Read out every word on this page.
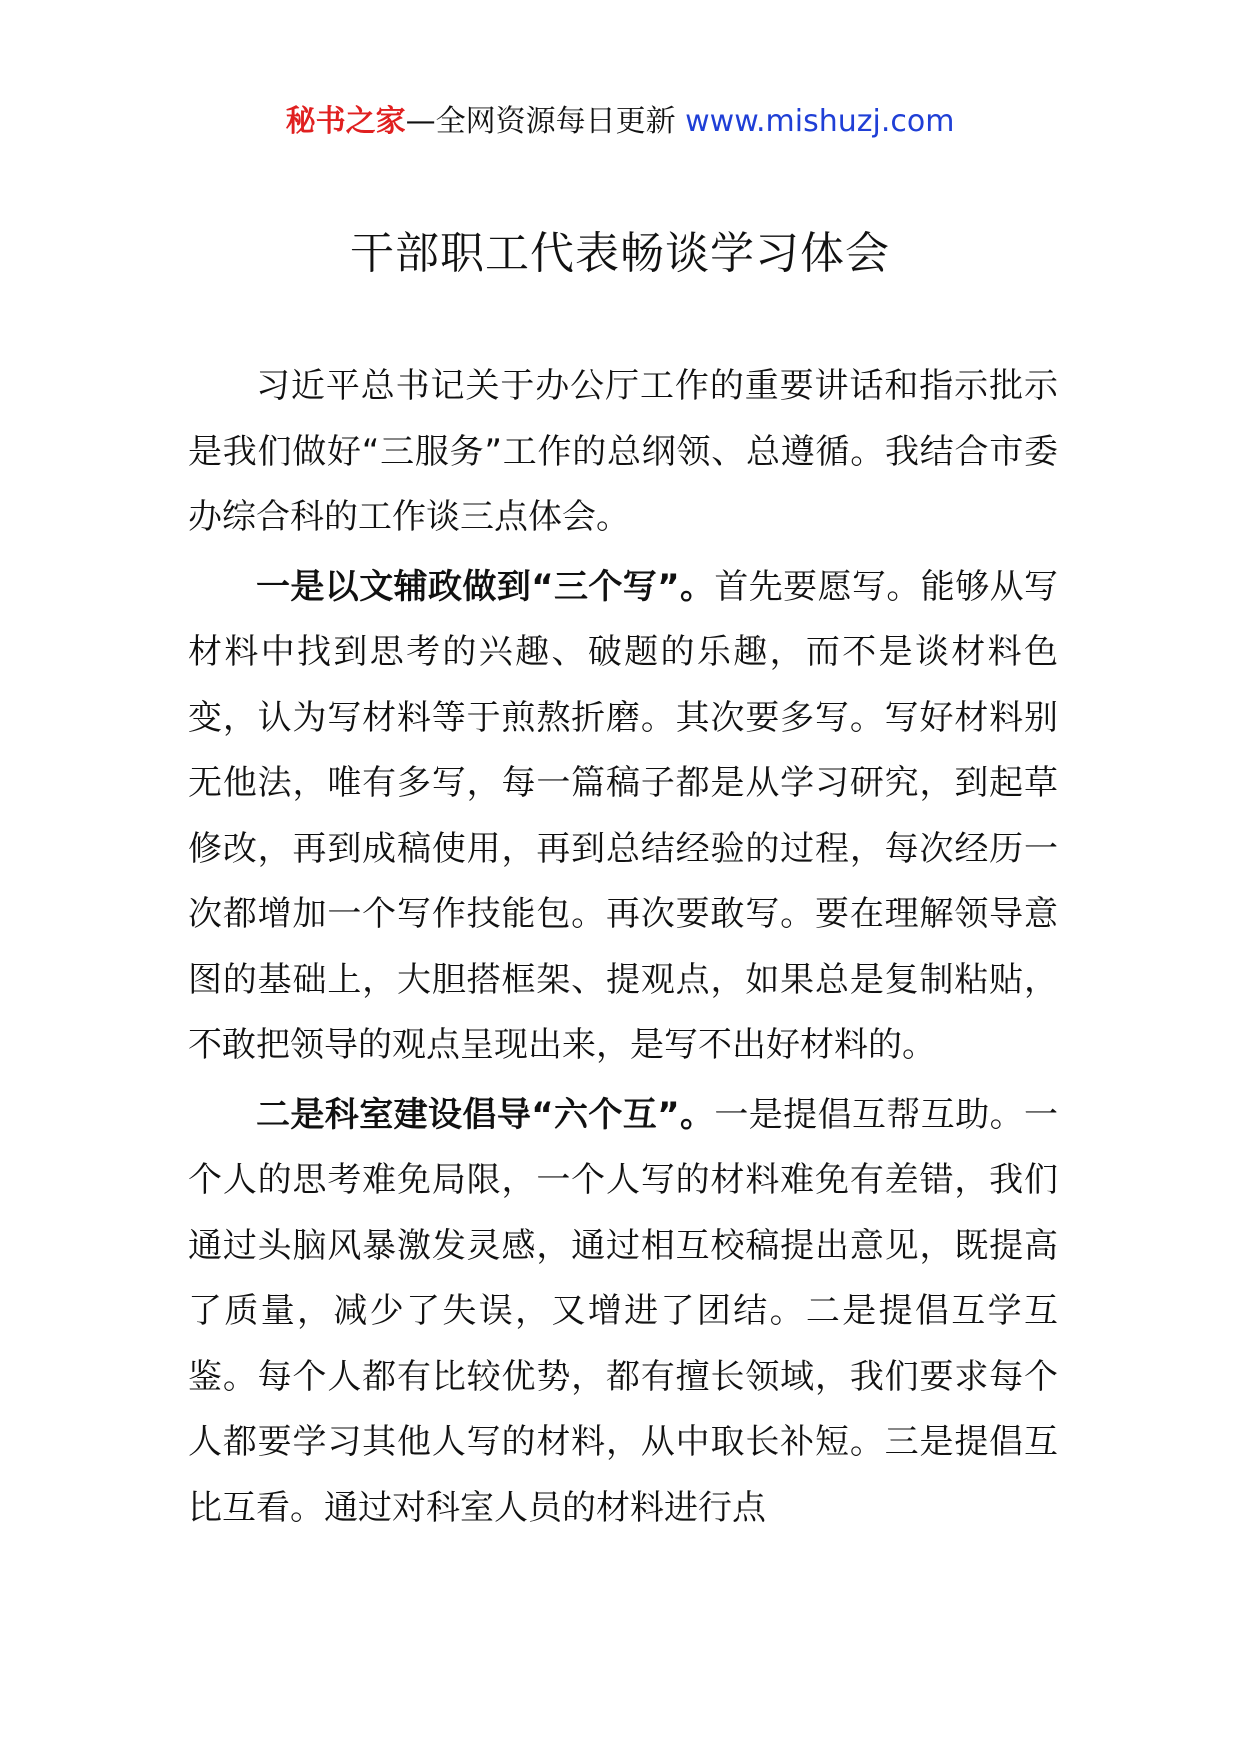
秘书之家—全网资源每日更新 www.mishuzj.com
干部职工代表畅谈学习体会

习近平总书记关于办公厅工作的重要讲话和指示批示是我们做好“三服务”工作的总纲领、总遵循。我结合市委办综合科的工作谈三点体会。

一是以文辅政做到“三个写”。首先要愿写。能够从写材料中找到思考的兴趣、破题的乐趣，而不是谈材料色变，认为写材料等于煎熬折磨。其次要多写。写好材料别无他法，唯有多写，每一篇稿子都是从学习研究，到起草修改，再到成稿使用，再到总结经验的过程，每次经历一次都增加一个写作技能包。再次要敢写。要在理解领导意图的基础上，大胆搭框架、提观点，如果总是复制粘贴，不敢把领导的观点呈现出来，是写不出好材料的。

二是科室建设倡导“六个互”。一是提倡互帮互助。一个人的思考难免局限，一个人写的材料难免有差错，我们通过头脑风暴激发灵感，通过相互校稿提出意见，既提高了质量，减少了失误，又增进了团结。二是提倡互学互鉴。每个人都有比较优势，都有擅长领域，我们要求每个人都要学习其他人写的材料，从中取长补短。三是提倡互比互看。通过对科室人员的材料进行点
